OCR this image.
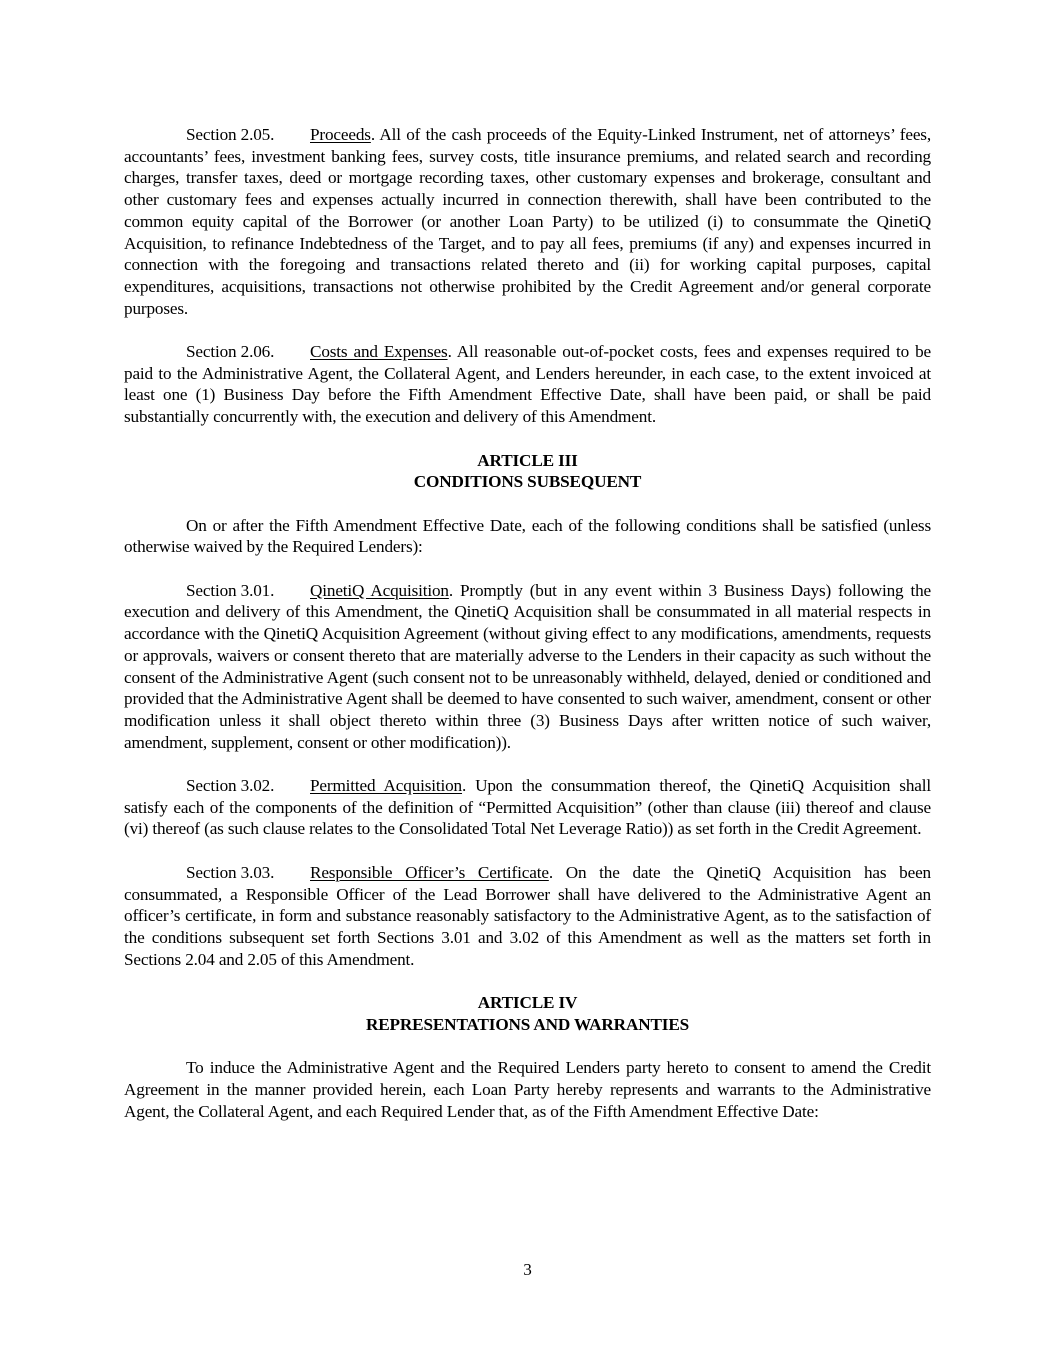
Section 2.05. Proceeds. All of the cash proceeds of the Equity-Linked Instrument, net of attorneys’ fees, accountants’ fees, investment banking fees, survey costs, title insurance premiums, and related search and recording charges, transfer taxes, deed or mortgage recording taxes, other customary expenses and brokerage, consultant and other customary fees and expenses actually incurred in connection therewith, shall have been contributed to the common equity capital of the Borrower (or another Loan Party) to be utilized (i) to consummate the QinetiQ Acquisition, to refinance Indebtedness of the Target, and to pay all fees, premiums (if any) and expenses incurred in connection with the foregoing and transactions related thereto and (ii) for working capital purposes, capital expenditures, acquisitions, transactions not otherwise prohibited by the Credit Agreement and/or general corporate purposes.

Section 2.06. Costs and Expenses. All reasonable out-of-pocket costs, fees and expenses required to be paid to the Administrative Agent, the Collateral Agent, and Lenders hereunder, in each case, to the extent invoiced at least one (1) Business Day before the Fifth Amendment Effective Date, shall have been paid, or shall be paid substantially concurrently with, the execution and delivery of this Amendment.

ARTICLE III

CONDITIONS SUBSEQUENT

On or after the Fifth Amendment Effective Date, each of the following conditions shall be satisfied (unless otherwise waived by the Required Lenders):

Section 3.01. QinetiQ Acquisition. Promptly (but in any event within 3 Business Days) following the execution and delivery of this Amendment, the QinetiQ Acquisition shall be consummated in all material respects in accordance with the QinetiQ Acquisition Agreement (without giving effect to any modifications, amendments, requests or approvals, waivers or consent thereto that are materially adverse to the Lenders in their capacity as such without the consent of the Administrative Agent (such consent not to be unreasonably withheld, delayed, denied or conditioned and provided that the Administrative Agent shall be deemed to have consented to such waiver, amendment, consent or other modification unless it shall object thereto within three (3) Business Days after written notice of such waiver, amendment, supplement, consent or other modification)).

Section 3.02. Permitted Acquisition. Upon the consummation thereof, the QinetiQ Acquisition shall satisfy each of the components of the definition of “Permitted Acquisition” (other than clause (iii) thereof and clause (vi) thereof (as such clause relates to the Consolidated Total Net Leverage Ratio)) as set forth in the Credit Agreement.

Section 3.03. Responsible Officer’s Certificate. On the date the QinetiQ Acquisition has been consummated, a Responsible Officer of the Lead Borrower shall have delivered to the Administrative Agent an officer’s certificate, in form and substance reasonably satisfactory to the Administrative Agent, as to the satisfaction of the conditions subsequent set forth Sections 3.01 and 3.02 of this Amendment as well as the matters set forth in Sections 2.04 and 2.05 of this Amendment.

ARTICLE IV

REPRESENTATIONS AND WARRANTIES

To induce the Administrative Agent and the Required Lenders party hereto to consent to amend the Credit Agreement in the manner provided herein, each Loan Party hereby represents and warrants to the Administrative Agent, the Collateral Agent, and each Required Lender that, as of the Fifth Amendment Effective Date:

3
